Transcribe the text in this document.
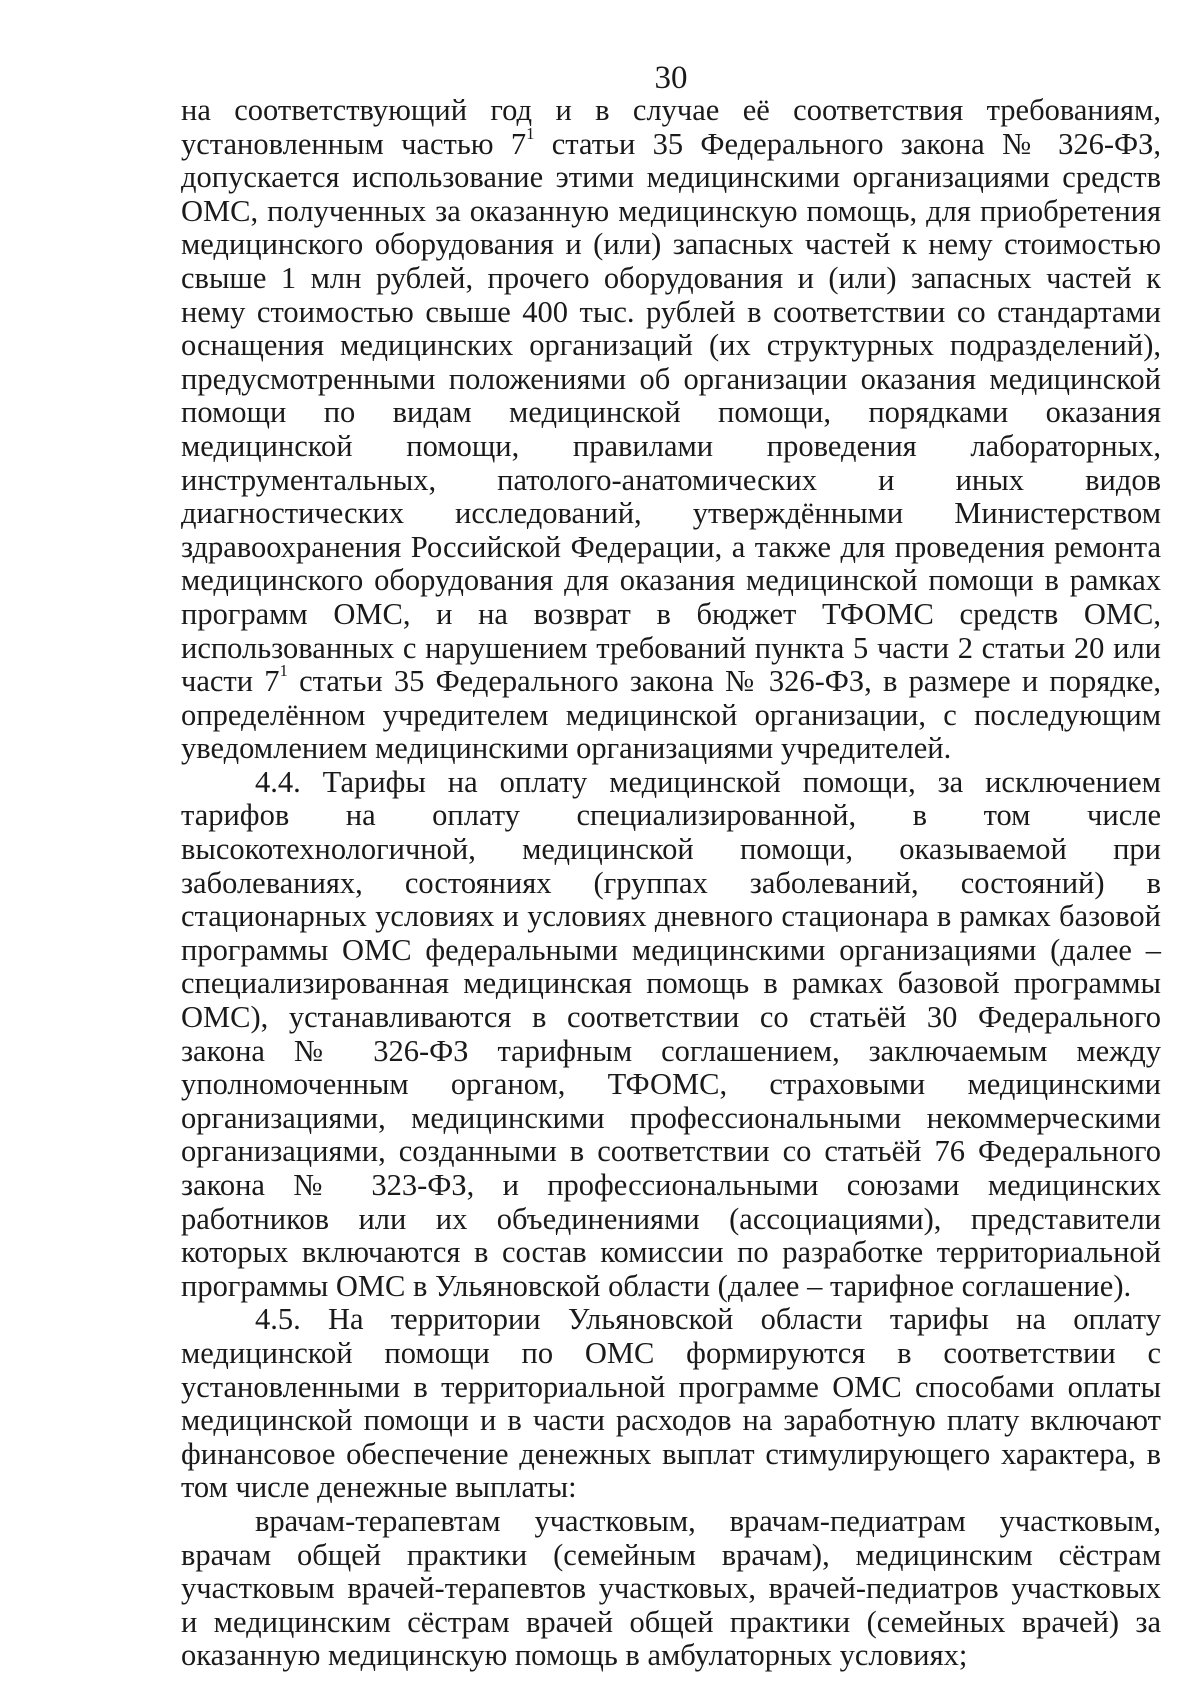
30

на соответствующий год и в случае её соответствия требованиям, установленным частью $7^1$ статьи 35 Федерального закона № 326-ФЗ, допускается использование этими медицинскими организациями средств ОМС, полученных за оказанную медицинскую помощь, для приобретения медицинского оборудования и (или) запасных частей к нему стоимостью свыше 1 млн рублей, прочего оборудования и (или) запасных частей к нему стоимостью свыше 400 тыс. рублей в соответствии со стандартами оснащения медицинских организаций (их структурных подразделений), предусмотренными положениями об организации оказания медицинской помощи по видам медицинской помощи, порядками оказания медицинской помощи, правилами проведения лабораторных, инструментальных, патолого-анатомических и иных видов диагностических исследований, утверждёнными Министерством здравоохранения Российской Федерации, а также для проведения ремонта медицинского оборудования для оказания медицинской помощи в рамках программ ОМС, и на возврат в бюджет ТФОМС средств ОМС, использованных с нарушением требований пункта 5 части 2 статьи 20 или части $7^1$ статьи 35 Федерального закона № 326-ФЗ, в размере и порядке, определённом учредителем медицинской организации, с последующим уведомлением медицинскими организациями учредителей.

4.4. Тарифы на оплату медицинской помощи, за исключением тарифов на оплату специализированной, в том числе высокотехнологичной, медицинской помощи, оказываемой при заболеваниях, состояниях (группах заболеваний, состояний) в стационарных условиях и условиях дневного стационара в рамках базовой программы ОМС федеральными медицинскими организациями (далее – специализированная медицинская помощь в рамках базовой программы ОМС), устанавливаются в соответствии со статьёй 30 Федерального закона № 326-ФЗ тарифным соглашением, заключаемым между уполномоченным органом, ТФОМС, страховыми медицинскими организациями, медицинскими профессиональными некоммерческими организациями, созданными в соответствии со статьёй 76 Федерального закона № 323-ФЗ, и профессиональными союзами медицинских работников или их объединениями (ассоциациями), представители которых включаются в состав комиссии по разработке территориальной программы ОМС в Ульяновской области (далее – тарифное соглашение).

4.5. На территории Ульяновской области тарифы на оплату медицинской помощи по ОМС формируются в соответствии с установленными в территориальной программе ОМС способами оплаты медицинской помощи и в части расходов на заработную плату включают финансовое обеспечение денежных выплат стимулирующего характера, в том числе денежные выплаты:

врачам-терапевтам участковым, врачам-педиатрам участковым, врачам общей практики (семейным врачам), медицинским сёстрам участковым врачей-терапевтов участковых, врачей-педиатров участковых и медицинским сёстрам врачей общей практики (семейных врачей) за оказанную медицинскую помощь в амбулаторных условиях;
